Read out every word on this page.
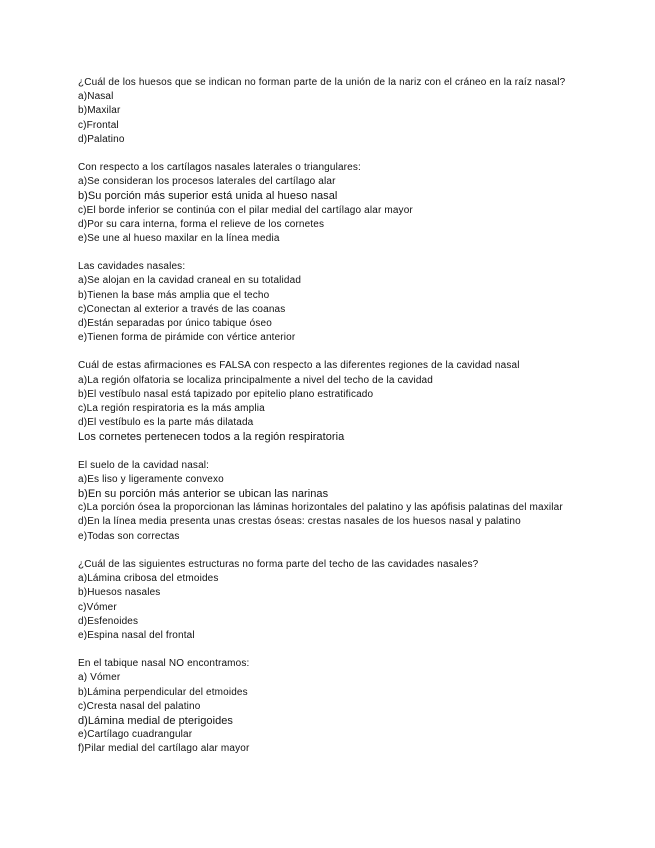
¿Cuál de los huesos que se indican no forman parte de la unión de la nariz con el cráneo en la raíz nasal?
a)Nasal
b)Maxilar
c)Frontal
d)Palatino
Con respecto a los cartílagos nasales laterales o triangulares:
a)Se consideran los procesos laterales del cartílago alar
b)Su porción más superior está unida al hueso nasal
c)El borde inferior se continúa con el pilar medial del cartílago alar mayor
d)Por su cara interna, forma el relieve de los cornetes
e)Se une al hueso maxilar en la línea media
Las cavidades nasales:
a)Se alojan en la cavidad craneal en su totalidad
b)Tienen la base más amplia que el techo
c)Conectan al exterior a través de las coanas
d)Están separadas por único tabique óseo
e)Tienen forma de pirámide con vértice anterior
Cuál de estas afirmaciones es FALSA con respecto a las diferentes regiones de la cavidad nasal
a)La región olfatoria se localiza principalmente a nivel del techo de la cavidad
b)El vestíbulo nasal está tapizado por epitelio plano estratificado
c)La región respiratoria es la más amplia
d)El vestíbulo es la parte más dilatada
Los cornetes pertenecen todos a la región respiratoria
El suelo de la cavidad nasal:
a)Es liso y ligeramente convexo
b)En su porción más anterior se ubican las narinas
c)La porción ósea la proporcionan las láminas horizontales del palatino y las apófisis palatinas del maxilar
d)En la línea media presenta unas crestas óseas: crestas nasales de los huesos nasal y palatino
e)Todas son correctas
¿Cuál de las siguientes estructuras no forma parte del techo de las cavidades nasales?
a)Lámina cribosa del etmoides
b)Huesos nasales
c)Vómer
d)Esfenoides
e)Espina nasal del frontal
En el tabique nasal NO encontramos:
a) Vómer
b)Lámina perpendicular del etmoides
c)Cresta nasal del palatino
d)Lámina medial de pterigoides
e)Cartílago cuadrangular
f)Pilar medial del cartílago alar mayor
